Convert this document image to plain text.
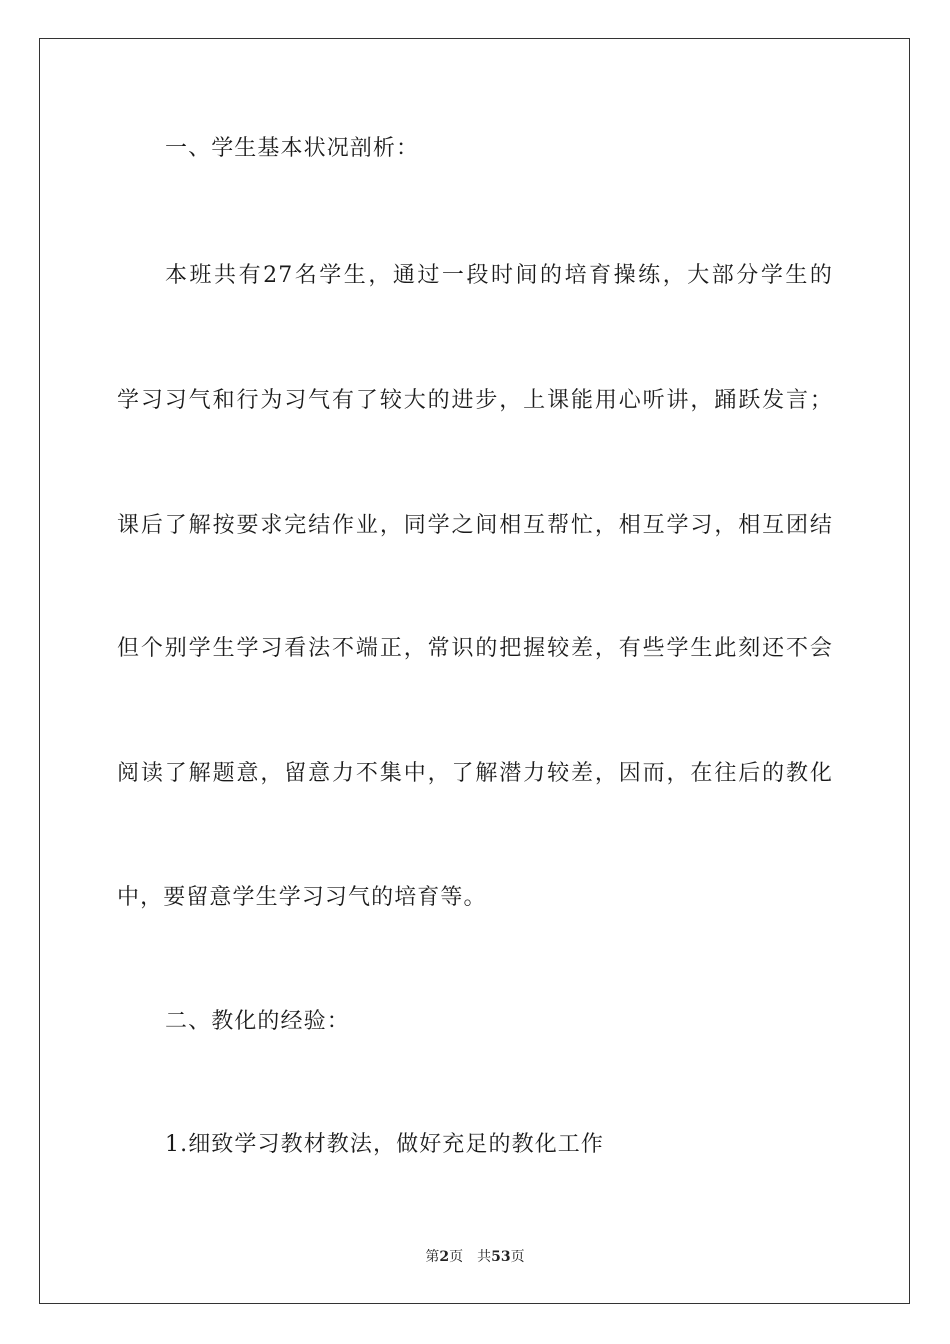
一、学生基本状况剖析：
本班共有27名学生，通过一段时间的培育操练，大部分学生的
学习习气和行为习气有了较大的进步，上课能用心听讲，踊跃发言；
课后了解按要求完结作业，同学之间相互帮忙，相互学习，相互团结
但个别学生学习看法不端正，常识的把握较差，有些学生此刻还不会
阅读了解题意，留意力不集中，了解潜力较差，因而，在往后的教化
中，要留意学生学习习气的培育等。
二、教化的经验：
1.细致学习教材教法，做好充足的教化工作
第2页 共53页
